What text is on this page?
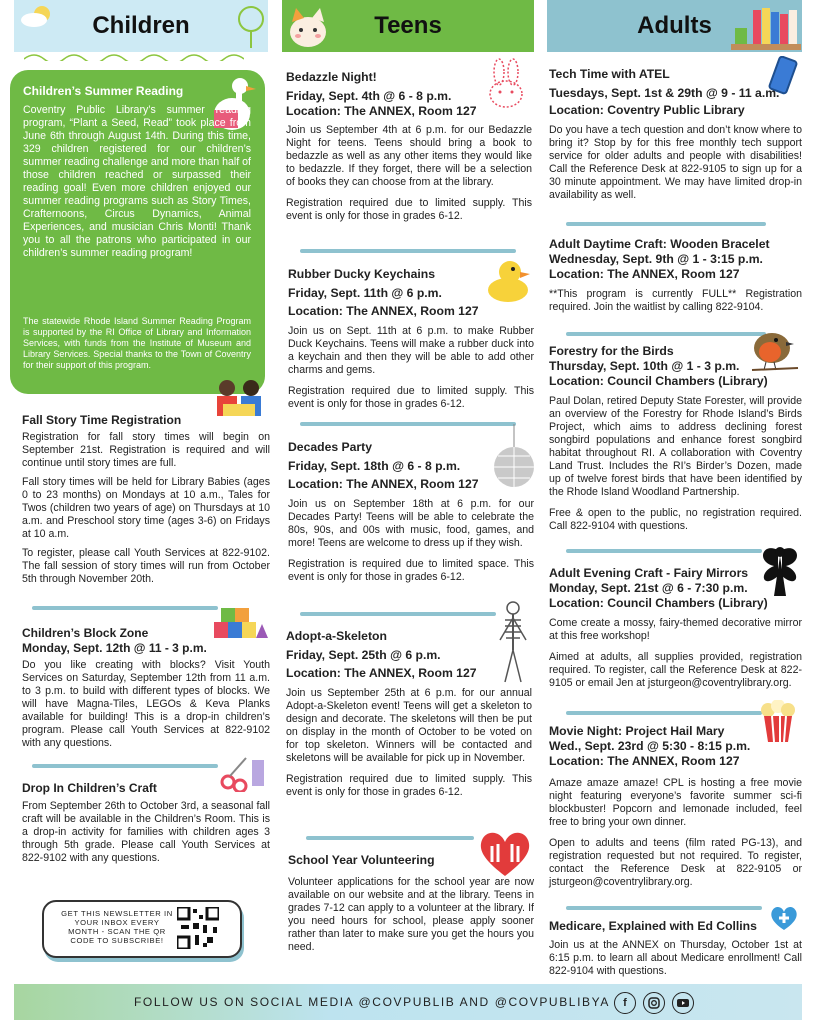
Children
Children’s Summer Reading

Coventry Public Library’s summer reading program, “Plant a Seed, Read” took place from June 6th through August 14th. During this time, 329 children registered for our children’s summer reading challenge and more than half of those children reached or surpassed their reading goal! Even more children enjoyed our summer reading programs such as Story Times, Crafternoons, Circus Dynamics, Animal Experiences, and musician Chris Monti! Thank you to all the patrons who participated in our children’s summer reading program!

The statewide Rhode Island Summer Reading Program is supported by the RI Office of Library and Information Services, with funds from the Institute of Museum and Library Services. Special thanks to the Town of Coventry for their support of this program.

Fall Story Time Registration

Registration for fall story times will begin on September 21st. Registration is required and will continue until story times are full.

Fall story times will be held for Library Babies (ages 0 to 23 months) on Mondays at 10 a.m., Tales for Twos (children two years of age) on Thursdays at 10 a.m. and Preschool story time (ages 3-6) on Fridays at 10 a.m.

To register, please call Youth Services at 822-9102. The fall session of story times will run from October 5th through November 20th.

Children’s Block Zone
Monday, Sept. 12th @ 11 - 3 p.m.

Do you like creating with blocks? Visit Youth Services on Saturday, September 12th from 11 a.m. to 3 p.m. to build with different types of blocks. We will have Magna-Tiles, LEGOs & Keva Planks available for building! This is a drop-in children’s program. Please call Youth Services at 822-9102 with any questions.

Drop In Children’s Craft

From September 26th to October 3rd, a seasonal fall craft will be available in the Children’s Room. This is a drop-in activity for families with children ages 3 through 5th grade. Please call Youth Services at 822-9102 with any questions.

GET THIS NEWSLETTER IN YOUR INBOX EVERY MONTH - SCAN THE QR CODE TO SUBSCRIBE!
Teens
Bedazzle Night!
Friday, Sept. 4th @ 6 - 8 p.m.
Location: The ANNEX, Room 127

Join us September 4th at 6 p.m. for our Bedazzle Night for teens. Teens should bring a book to bedazzle as well as any other items they would like to bedazzle. If they forget, there will be a selection of books they can choose from at the library.

Registration required due to limited supply. This event is only for those in grades 6-12.

Rubber Ducky Keychains
Friday, Sept. 11th @ 6 p.m.
Location: The ANNEX, Room 127

Join us on Sept. 11th at 6 p.m. to make Rubber Duck Keychains. Teens will make a rubber duck into a keychain and then they will be able to add other charms and gems.

Registration required due to limited supply. This event is only for those in grades 6-12.

Decades Party
Friday, Sept. 18th @ 6 - 8 p.m.
Location: The ANNEX, Room 127

Join us on September 18th at 6 p.m. for our Decades Party! Teens will be able to celebrate the 80s, 90s, and 00s with music, food, games, and more! Teens are welcome to dress up if they wish.

Registration is required due to limited space. This event is only for those in grades 6-12.

Adopt-a-Skeleton
Friday, Sept. 25th @ 6 p.m.
Location: The ANNEX, Room 127

Join us September 25th at 6 p.m. for our annual Adopt-a-Skeleton event! Teens will get a skeleton to design and decorate. The skeletons will then be put on display in the month of October to be voted on for top skeleton. Winners will be contacted and skeletons will be available for pick up in November.

Registration required due to limited supply. This event is only for those in grades 6-12.

School Year Volunteering

Volunteer applications for the school year are now available on our website and at the library. Teens in grades 7-12 can apply to a volunteer at the library. If you need hours for school, please apply sooner rather than later to make sure you get the hours you need.

Adults
Tech Time with ATEL
Tuesdays, Sept. 1st & 29th @ 9 - 11 a.m.
Location: Coventry Public Library

Do you have a tech question and don’t know where to bring it? Stop by for this free monthly tech support service for older adults and people with disabilities! Call the Reference Desk at 822-9105 to sign up for a 30 minute appointment. We may have limited drop-in availability as well.

Adult Daytime Craft: Wooden Bracelet
Wednesday, Sept. 9th @ 1 - 3:15 p.m.
Location: The ANNEX, Room 127

**This program is currently FULL** Registration required. Join the waitlist by calling 822-9104.

Forestry for the Birds
Thursday, Sept. 10th @ 1 - 3 p.m.
Location: Council Chambers (Library)

Paul Dolan, retired Deputy State Forester, will provide an overview of the Forestry for Rhode Island’s Birds Project, which aims to address declining forest songbird populations and enhance forest songbird habitat throughout RI. A collaboration with Coventry Land Trust. Includes the RI’s Birder’s Dozen, made up of twelve forest birds that have been identified by the Rhode Island Woodland Partnership.

Free & open to the public, no registration required. Call 822-9104 with questions.

Adult Evening Craft - Fairy Mirrors
Monday, Sept. 21st @ 6 - 7:30 p.m.
Location: Council Chambers (Library)

Come create a mossy, fairy-themed decorative mirror at this free workshop!

Aimed at adults, all supplies provided, registration required. To register, call the Reference Desk at 822-9105 or email Jen at jsturgeon@coventrylibrary.org.

Movie Night: Project Hail Mary
Wed., Sept. 23rd @ 5:30 - 8:15 p.m.
Location: The ANNEX, Room 127

Amaze amaze amaze! CPL is hosting a free movie night featuring everyone’s favorite summer sci-fi blockbuster! Popcorn and lemonade included, feel free to bring your own dinner.

Open to adults and teens (film rated PG-13), and registration requested but not required. To register, contact the Reference Desk at 822-9105 or jsturgeon@coventrylibrary.org.

Medicare, Explained with Ed Collins

Join us at the ANNEX on Thursday, October 1st at 6:15 p.m. to learn all about Medicare enrollment! Call 822-9104 with questions.

FOLLOW US ON SOCIAL MEDIA @COVPUBLIB AND @COVPUBLIBYA	f
